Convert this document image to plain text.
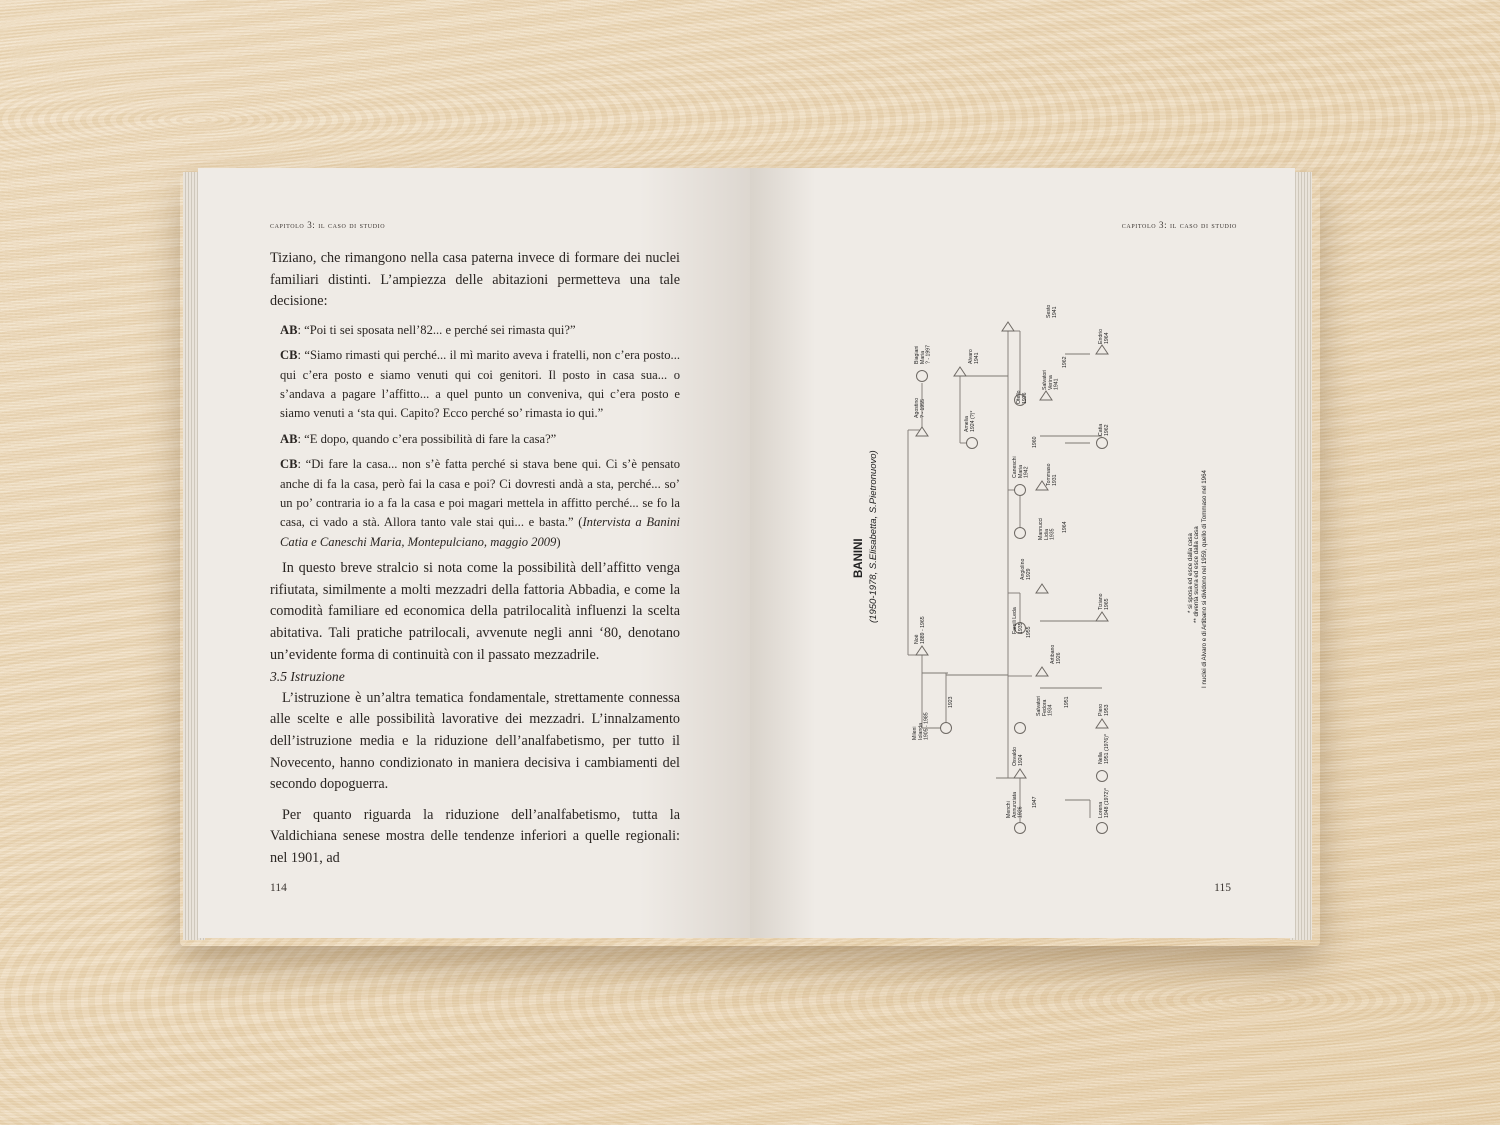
capitolo 3: il caso di studio

Tiziano, che rimangono nella casa paterna invece di formare dei nuclei familiari distinti. L’ampiezza delle abitazioni permetteva una tale decisione:

AB: “Poi ti sei sposata nell’82... e perché sei rimasta qui?”

CB: “Siamo rimasti qui perché... il mì marito aveva i fratelli, non c’era posto... qui c’era posto e siamo venuti qui coi genitori. Il posto in casa sua... o s’andava a pagare l’affitto... a quel punto un conveniva, qui c’era posto e siamo venuti a ‘sta qui. Capito? Ecco perché so’ rimasta io qui.”

AB: “E dopo, quando c’era possibilità di fare la casa?”

CB: “Di fare la casa... non s’è fatta perché si stava bene qui. Ci s’è pensato anche di fa la casa, però fai la casa e poi? Ci dovresti andà a sta, perché... so’ un po’ contraria io a fa la casa e poi magari mettela in affitto perché... se fo la casa, ci vado a stà. Allora tanto vale stai qui... e basta.” (Intervista a Banini Catia e Caneschi Maria, Montepulciano, maggio 2009)

In questo breve stralcio si nota come la possibilità dell’affitto venga rifiutata, similmente a molti mezzadri della fattoria Abbadia, e come la comodità familiare ed economica della patrilocalità influenzi la scelta abitativa. Tali pratiche patrilocali, avvenute negli anni ‘80, denotano un’evidente forma di continuità con il passato mezzadrile.

3.5 Istruzione

L’istruzione è un’altra tematica fondamentale, strettamente connessa alle scelte e alle possibilità lavorative dei mezzadri. L’innalzamento dell’istruzione media e la riduzione dell’analfabetismo, per tutto il Novecento, hanno condizionato in maniera decisiva i cambiamenti del secondo dopoguerra.

Per quanto riguarda la riduzione dell’analfabetismo, tutta la Valdichiana senese mostra delle tendenze inferiori a quelle regionali: nel 1901, ad

114
capitolo 3: il caso di studio
BANINI (1950-1978, S.Elisabetta, S.Pietronuovo)
Biagiani Maria ? - 1997
Agostino ? - 1955
Alvaro 1941
Amelia 1924 (?)*
Sesto 1941
Salvatori Verina 1941
Otello 1936
Endrio 1964
Caneschi Maria 1942
Catia 1962
Tommaso 1931
Mannucci Lidia 1935
Angiolino 1929
Tiziano 1965
Farsili Leda 1935
Noè 1889 - 1965
Artibano 1926
Piero 1953
Salvatori Fedora 1934
Mileni Iolanda 1905 - 1985
Nella 1951 (1976)*
Osvaldo 1924
Lorena 1948 (1972)*
Menchi Annunziata 1926
1923
1947
1951
1955
1960
1962
1964
* si sposa ed esce dalla casa ** diventa suora ed esce dalla casa I nuclei di Alvaro e di Artibano si dividono nel 1959, quello di Tommaso nel 1964
115
